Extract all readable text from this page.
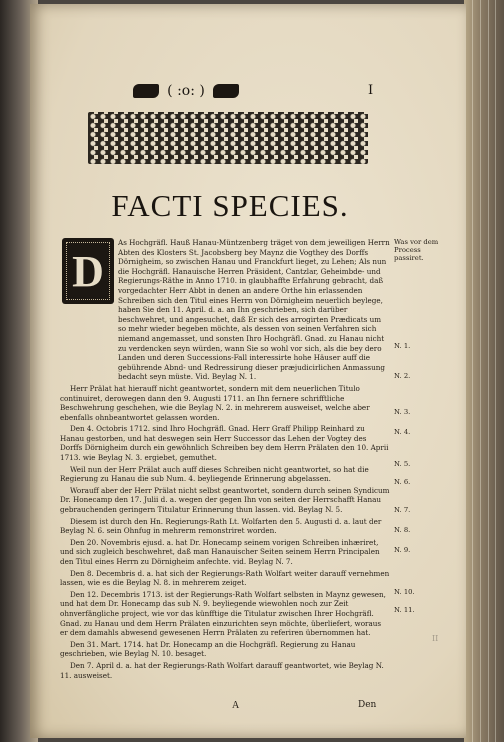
( :o: )	I
FACTI SPECIES.
D

As Hochgräfl. Hauß Hanau-Müntzenberg träget von dem jeweiligen Herrn Abten des Klosters St. Jacobsberg bey Maynz die Vogthey des Dorffs Dörnigheim, so zwischen Hanau und Franckfurt lieget, zu Lehen; Als nun die Hochgräfl. Hanauische Herren Präsident, Cantzlar, Geheimbde- und Regierungs-Räthe in Anno 1710. in glaubhaffte Erfahrung gebracht, daß vorgedachter Herr Abbt in denen an andere Orthe hin erlassenden Schreiben sich den Titul eines Herrn von Dörnigheim neuerlich beylege, haben Sie den 11. April. d. a. an Ihn geschrieben, sich darüber beschwehret, und angesuchet, daß Er sich des arrogirten Prædicats um so mehr wieder begeben möchte, als dessen von seinen Verfahren sich niemand angemasset, und sonsten Ihro Hochgräfl. Gnad. zu Hanau nicht zu verdencken seyn würden, wann Sie so wohl vor sich, als die bey dero Landen und deren Successions-Fall interessirte hohe Häuser auff die gebührende Abnd- und Redressirung dieser præjudicirlichen Anmassung bedacht seyn müste. Vid. Beylag N. 1.

Herr Prälat hat hierauff nicht geantwortet, sondern mit dem neuerlichen Titulo continuiret, derowegen dann den 9. Augusti 1711. an Ihn fernere schrifftliche Beschwehrung geschehen, wie die Beylag N. 2. in mehrerem ausweiset, welche aber ebenfalls ohnbeantwortet gelassen worden.

Den 4. Octobris 1712. sind Ihro Hochgräfl. Gnad. Herr Graff Philipp Reinhard zu Hanau gestorben, und hat deswegen sein Herr Successor das Lehen der Vogtey des Dorffs Dörnigheim durch ein gewöhnlich Schreiben bey dem Herrn Prälaten den 10. Aprii 1713. wie Beylag N. 3. ergiebet, gemuthet.

Weil nun der Herr Prälat auch auff dieses Schreiben nicht geantwortet, so hat die Regierung zu Hanau die sub Num. 4. beyliegende Erinnerung abgelassen.

Worauff aber der Herr Prälat nicht selbst geantwortet, sondern durch seinen Syndicum Dr. Honecamp den 17. Julii d. a. wegen der gegen Ihn von seiten der Herrschafft Hanau gebrauchenden geringern Titulatur Erinnerung thun lassen. vid. Beylag N. 5.

Diesem ist durch den Hn. Regierungs-Rath Lt. Wolfarten den 5. Augusti d. a. laut der Beylag N. 6. sein Ohnfug in mehrerm remonstriret worden.

Den 20. Novembris ejusd. a. hat Dr. Honecamp seinem vorigen Schreiben inhæriret, und sich zugleich beschwehret, daß man Hanauischer Seiten seinem Herrn Principalen den Titul eines Herrn zu Dörnigheim anfechte. vid. Beylag N. 7.

Den 8. Decembris d. a. hat sich der Regierungs-Rath Wolfart weiter darauff vernehmen lassen, wie es die Beylag N. 8. in mehrerem zeiget.

Den 12. Decembris 1713. ist der Regierungs-Rath Wolfart selbsten in Maynz gewesen, und hat dem Dr. Honecamp das sub N. 9. beyliegende wiewohlen noch zur Zeit ohnverfängliche project, wie vor das künfftige die Titulatur zwischen Ihrer Hochgräfl. Gnad. zu Hanau und dem Herrn Prälaten einzurichten seyn möchte, überliefert, woraus er dem damahls abwesend gewesenen Herrn Prälaten zu referiren übernommen hat.

Den 31. Mart. 1714. hat Dr. Honecamp an die Hochgräfl. Regierung zu Hanau geschrieben, wie Beylag N. 10. besaget.

Den 7. April d. a. hat der Regierungs-Rath Wolfart darauff geantwortet, wie Beylag N. 11. ausweiset.

Was vor dem Process passiret.
N. 1.
N. 2.
N. 3.
N. 4.
N. 5.
N. 6.
N. 7.
N. 8.
N. 9.
N. 10.
N. 11.
A	Den
II
